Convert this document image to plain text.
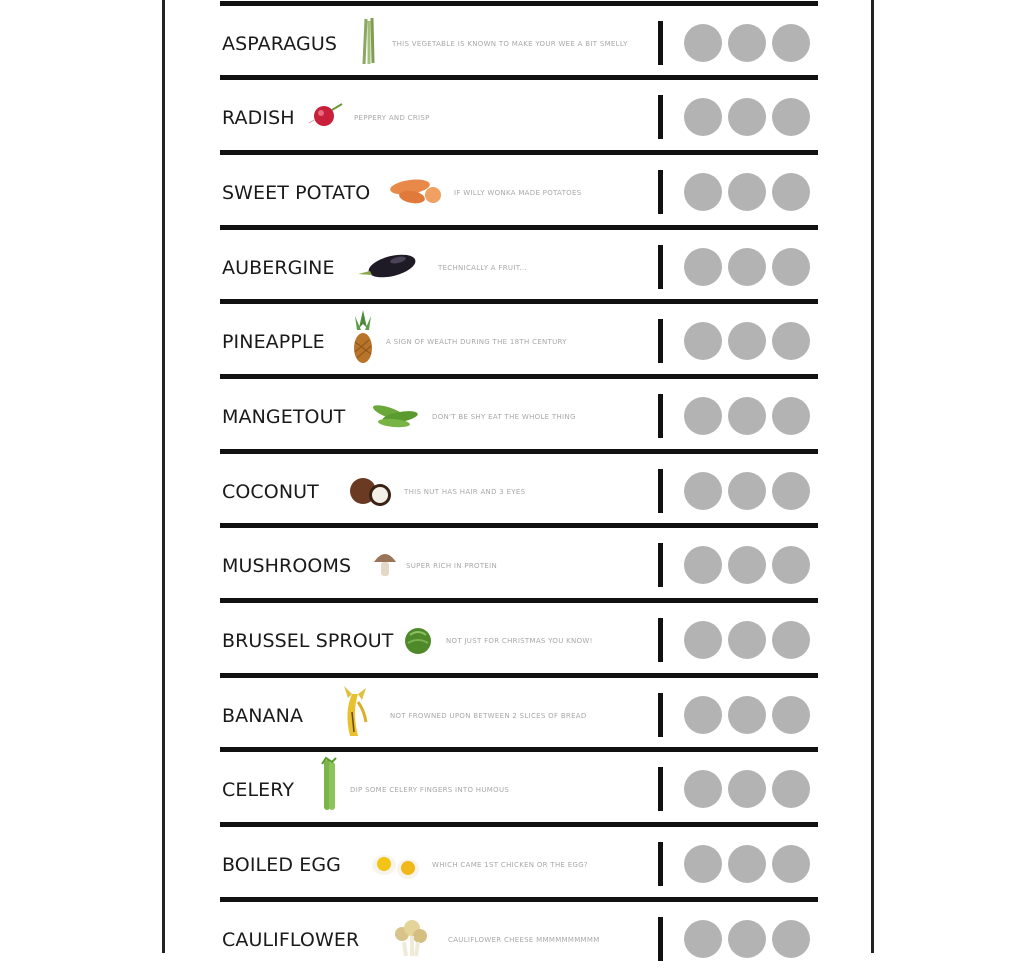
ASPARAGUS	THIS VEGETABLE IS KNOWN TO MAKE YOUR WEE A BIT SMELLY
RADISH	PEPPERY AND CRISP
SWEET POTATO	IF WILLY WONKA MADE POTATOES
AUBERGINE	TECHNICALLY A FRUIT...
PINEAPPLE	A SIGN OF WEALTH DURING THE 18TH CENTURY
MANGETOUT	DON'T BE SHY EAT THE WHOLE THING
COCONUT	THIS NUT HAS HAIR AND 3 EYES
MUSHROOMS	SUPER RICH IN PROTEIN
BRUSSEL SPROUT	NOT JUST FOR CHRISTMAS YOU KNOW!
BANANA	NOT FROWNED UPON BETWEEN 2 SLICES OF BREAD
CELERY	DIP SOME CELERY FINGERS INTO HUMOUS
BOILED EGG	WHICH CAME 1ST CHICKEN OR THE EGG?
CAULIFLOWER	CAULIFLOWER CHEESE MMMMMMMMMM
